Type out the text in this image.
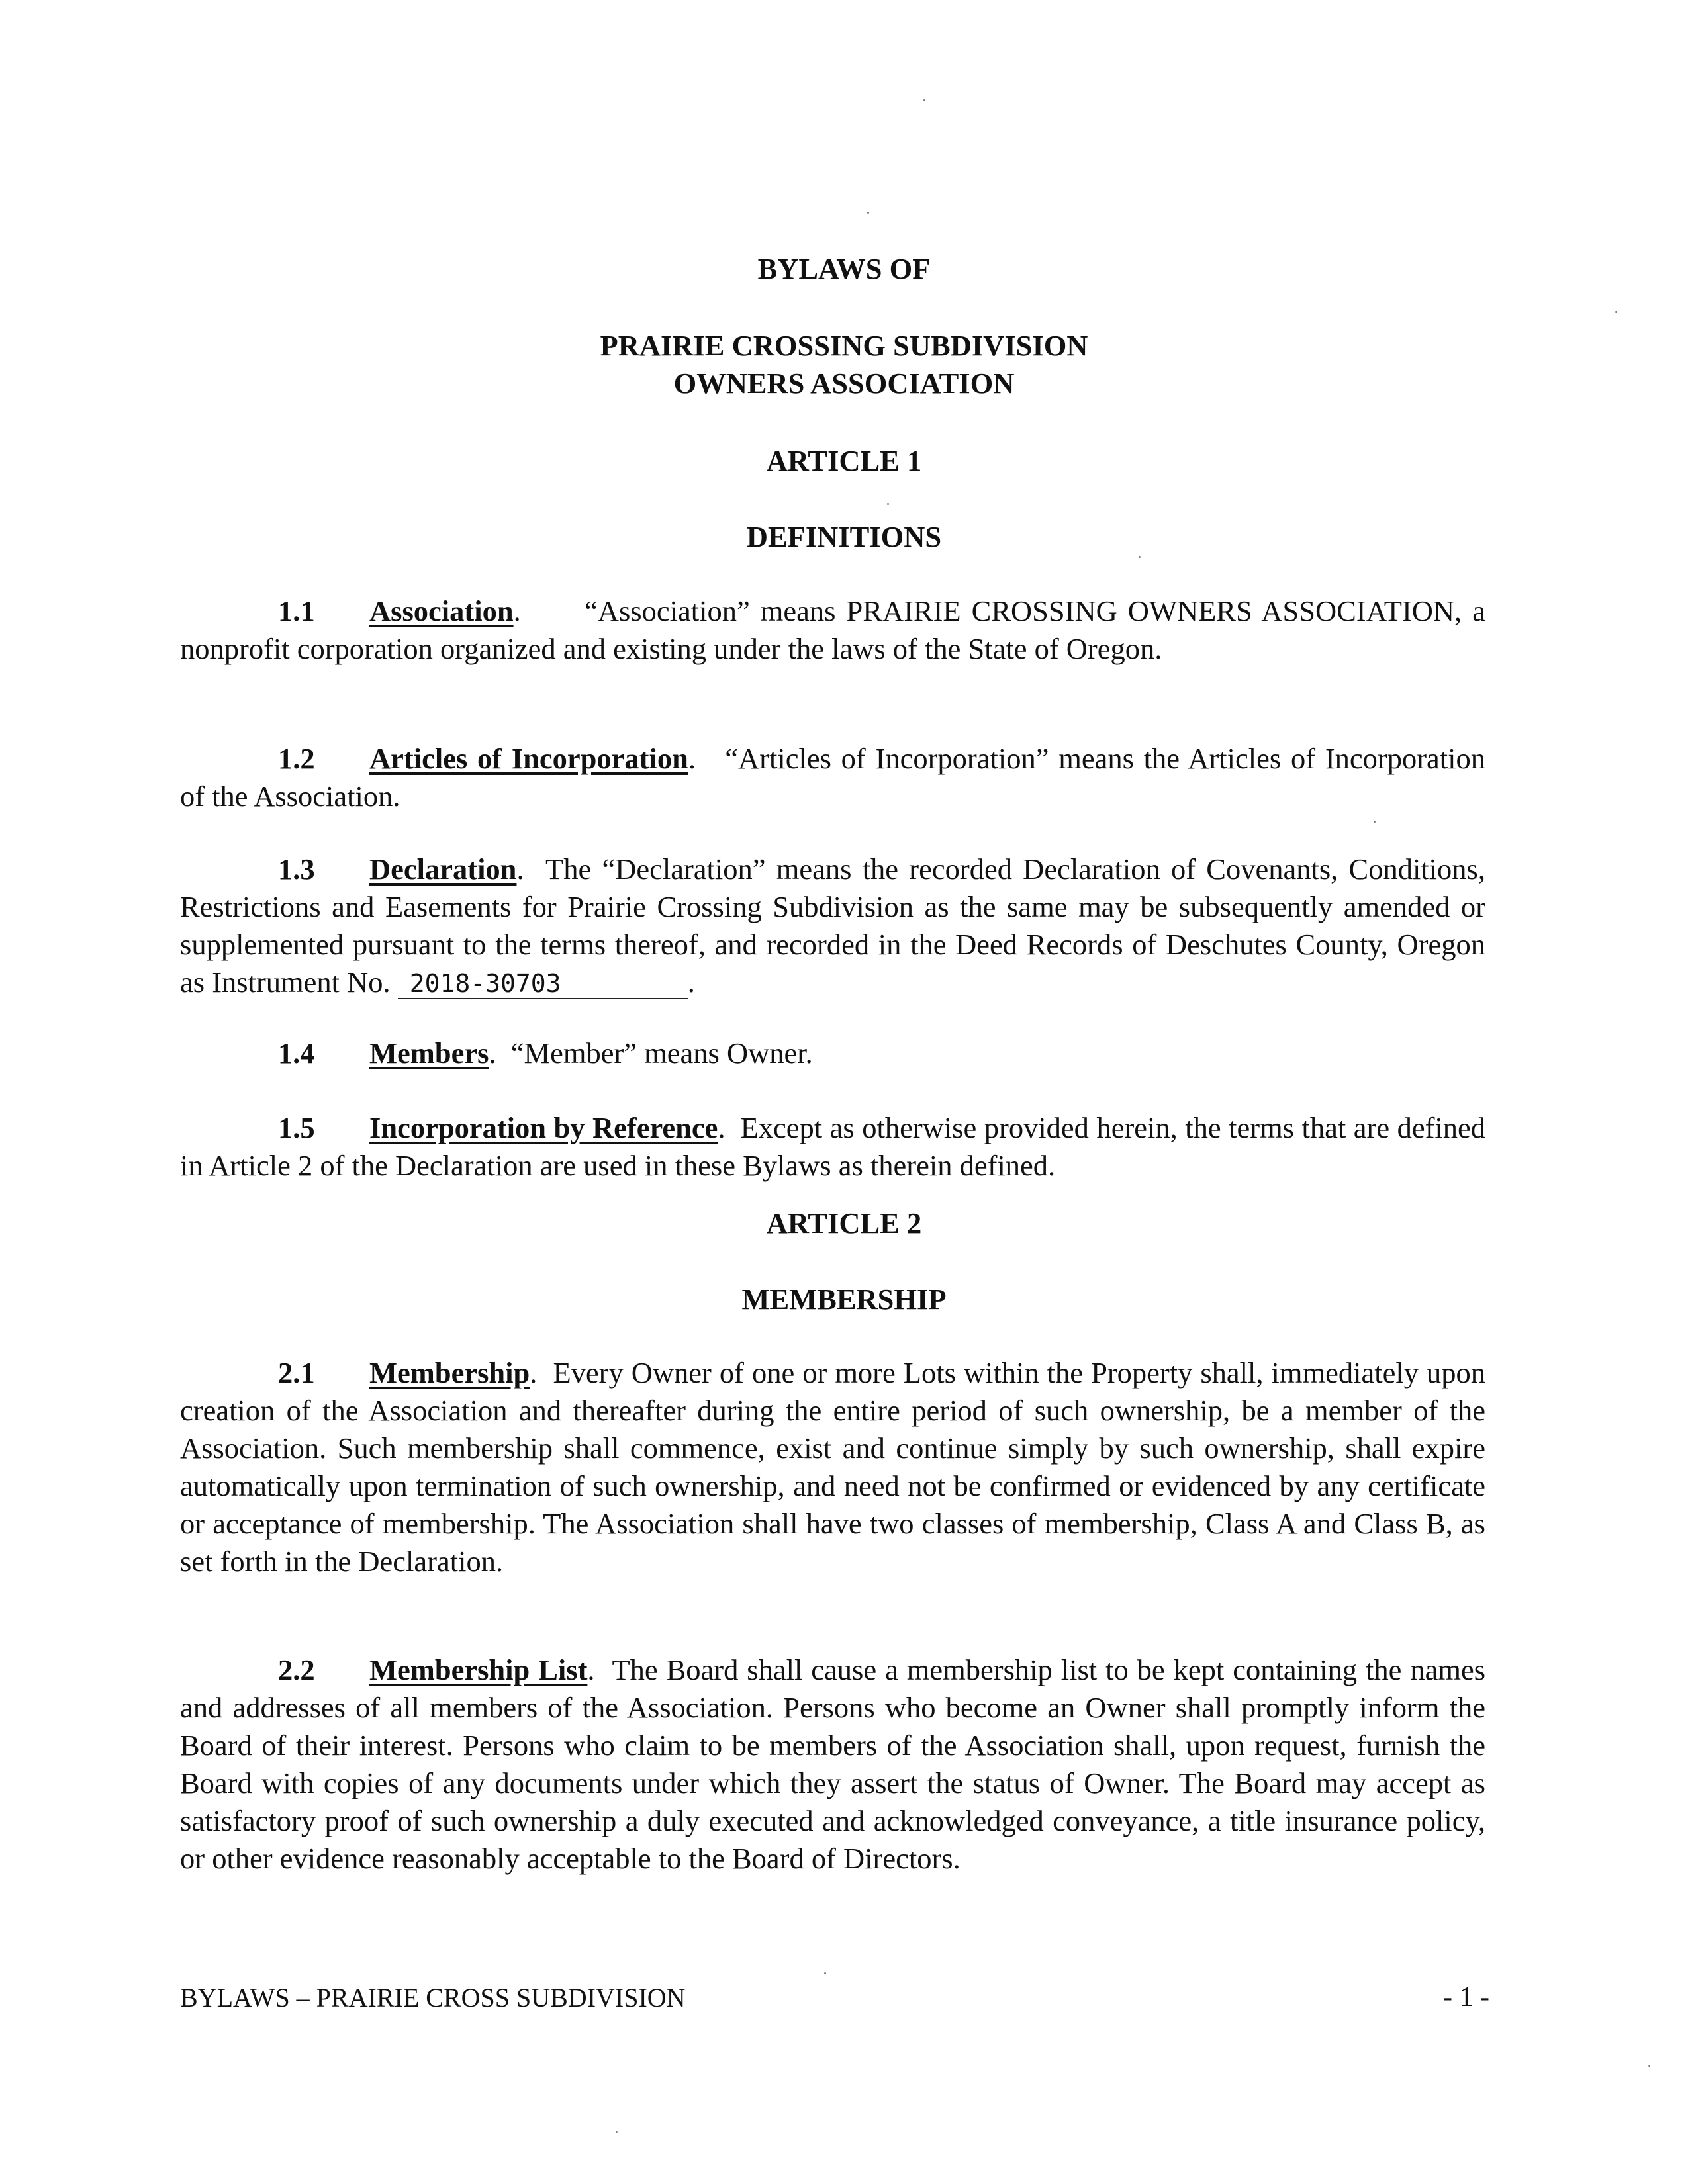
BYLAWS OF
PRAIRIE CROSSING SUBDIVISION
OWNERS ASSOCIATION
ARTICLE 1
DEFINITIONS
1.1 Association.      “Association” means PRAIRIE CROSSING OWNERS ASSOCIATION, a nonprofit corporation organized and existing under the laws of the State of Oregon.
1.2 Articles of Incorporation.   “Articles of Incorporation” means the Articles of Incorporation of the Association.
1.3 Declaration.  The “Declaration” means the recorded Declaration of Covenants, Conditions, Restrictions and Easements for Prairie Crossing Subdivision as the same may be subsequently amended or supplemented pursuant to the terms thereof, and recorded in the Deed Records of Deschutes County, Oregon as Instrument No. 2018-30703	.
1.4 Members.  “Member” means Owner.
1.5 Incorporation by Reference.  Except as otherwise provided herein, the terms that are defined in Article 2 of the Declaration are used in these Bylaws as therein defined.
ARTICLE 2
MEMBERSHIP
2.1 Membership.  Every Owner of one or more Lots within the Property shall, immediately upon creation of the Association and thereafter during the entire period of such ownership, be a member of the Association. Such membership shall commence, exist and continue simply by such ownership, shall expire automatically upon termination of such ownership, and need not be confirmed or evidenced by any certificate or acceptance of membership. The Association shall have two classes of membership, Class A and Class B, as set forth in the Declaration.
2.2 Membership List.  The Board shall cause a membership list to be kept containing the names and addresses of all members of the Association. Persons who become an Owner shall promptly inform the Board of their interest. Persons who claim to be members of the Association shall, upon request, furnish the Board with copies of any documents under which they assert the status of Owner. The Board may accept as satisfactory proof of such ownership a duly executed and acknowledged conveyance, a title insurance policy, or other evidence reasonably acceptable to the Board of Directors.
BYLAWS – PRAIRIE CROSS SUBDIVISION	- 1 -
